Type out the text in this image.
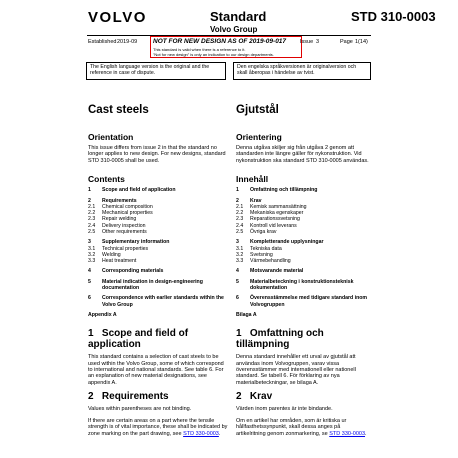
VOLVO	Standard
Volvo Group
STD 310-0003
Established 2019-09 NOT FOR NEW DESIGN AS OF 2019-09-017
This standard is valid when there is a reference to it.
"Not for new design" is only an indication to our design departments.
Issue 3	Page 1(14)
The English language version is the original and the reference in case of dispute.
Den engelska språkversionen är originalversion och skall åberopas i händelse av tvist.
Cast steels
Orientation
This issue differs from issue 2 in that the standard no longer applies to new design. For new designs, standard STD 310-0005 shall be used.
Contents
1	Scope and field of application
2	Requirements
2.1	Chemical composition
2.2	Mechanical properties
2.3	Repair welding
2.4	Delivery inspection
2.5	Other requirements
3	Supplementary information
3.1	Technical properties
3.2	Welding
3.3	Heat treatment
4	Corresponding materials
5	Material indication in design-engineering documentation
6	Correspondence with earlier standards within the Volvo Group
Appendix A
1 Scope and field of application
This standard contains a selection of cast steels to be used within the Volvo Group, some of which correspond to international and national standards. See table 6. For an explanation of new material designations, see appendix A.
2 Requirements
Values within parentheses are not binding.
If there are certain areas on a part where the tensile strength is of vital importance, these shall be indicated by zone marking on the part drawing, see STD 330-0003.
Gjutstål
Orientering
Denna utgåva skiljer sig från utgåva 2 genom att standarden inte längre gäller för nykonstruktion. Vid nykonstruktion ska standard STD 310-0005 användas.
Innehåll
1	Omfattning och tillämpning
2	Krav
2.1	Kemisk sammansättning
2.2	Mekaniska egenskaper
2.3	Reparationssvetsning
2.4	Kontroll vid leverans
2.5	Övriga krav
3	Kompletterande upplysningar
3.1	Tekniska data
3.2	Svetsning
3.3	Värmebehandling
4	Motsvarande material
5	Materialbeteckning i konstruktionsteknisk dokumentation
6	Överensstämmelse med tidigare standard inom Volvogruppen
Bilaga A
1 Omfattning och tillämpning
Denna standard innehåller ett urval av gjutstål att användas inom Volvogruppen, varav vissa överensstämmer med internationell eller nationell standard. Se tabell 6. För förklaring av nya materialbeteckningar, se bilaga A.
2 Krav
Värden inom parentes är inte bindande.
Om en artikel har områden, som är kritiska ur hållfasthetssynpunkt, skall dessa anges på artikelritning genom zonmarkering, se STD 330-0003.
